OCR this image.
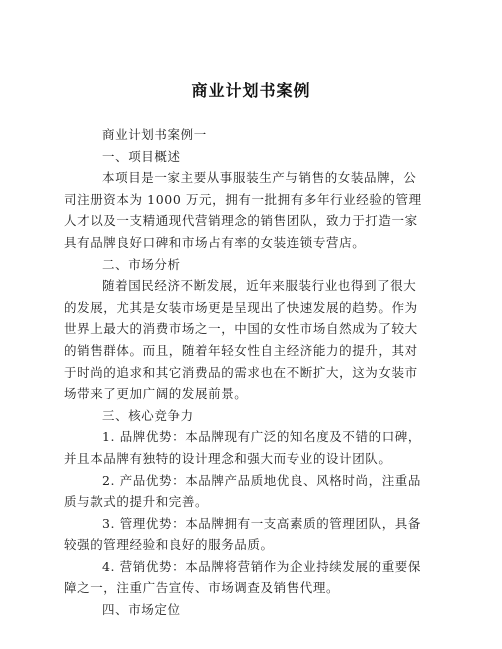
商业计划书案例
商业计划书案例一
一、项目概述
本项目是一家主要从事服装生产与销售的女装品牌，公
司注册资本为 1000 万元，拥有一批拥有多年行业经验的管理
人才以及一支精通现代营销理念的销售团队，致力于打造一家
具有品牌良好口碑和市场占有率的女装连锁专营店。
二、市场分析
随着国民经济不断发展，近年来服装行业也得到了很大
的发展，尤其是女装市场更是呈现出了快速发展的趋势。作为
世界上最大的消费市场之一，中国的女性市场自然成为了较大
的销售群体。而且，随着年轻女性自主经济能力的提升，其对
于时尚的追求和其它消费品的需求也在不断扩大，这为女装市
场带来了更加广阔的发展前景。
三、核心竞争力
1. 品牌优势：本品牌现有广泛的知名度及不错的口碑，
并且本品牌有独特的设计理念和强大而专业的设计团队。
2. 产品优势：本品牌产品质地优良、风格时尚，注重品
质与款式的提升和完善。
3. 管理优势：本品牌拥有一支高素质的管理团队，具备
较强的管理经验和良好的服务品质。
4. 营销优势：本品牌将营销作为企业持续发展的重要保
障之一，注重广告宣传、市场调查及销售代理。
四、市场定位
